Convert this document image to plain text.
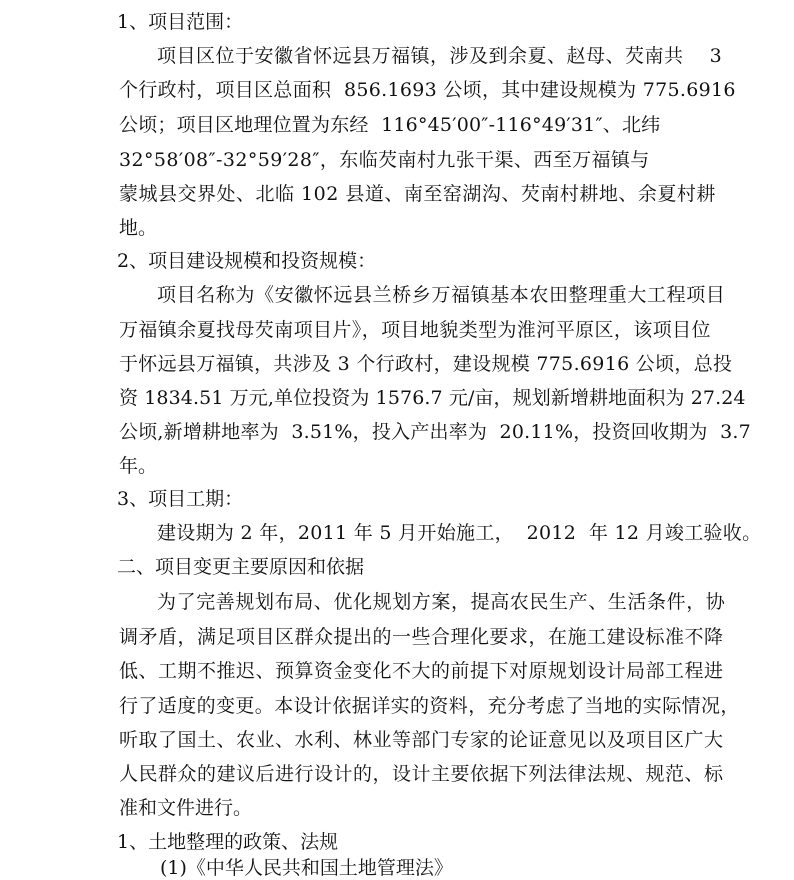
1、项目范围：
项目区位于安徽省怀远县万福镇，涉及到余夏、赵母、芡南共    3
个行政村，项目区总面积  856.1693 公顷，其中建设规模为 775.6916
公顷；项目区地理位置为东经  116°45′00″-116°49′31″、北纬
32°58′08″-32°59′28″，东临芡南村九张干渠、西至万福镇与
蒙城县交界处、北临 102 县道、南至窑湖沟、芡南村耕地、余夏村耕
地。
2、项目建设规模和投资规模：
项目名称为《安徽怀远县兰桥乡万福镇基本农田整理重大工程项目
万福镇余夏找母芡南项目片》，项目地貌类型为淮河平原区，该项目位
于怀远县万福镇，共涉及 3 个行政村，建设规模 775.6916 公顷，总投
资 1834.51 万元,单位投资为 1576.7 元/亩，规划新增耕地面积为 27.24
公顷,新增耕地率为  3.51%，投入产出率为  20.11%，投资回收期为  3.7
年。
3、项目工期：
建设期为 2 年，2011 年 5 月开始施工，  2012  年 12 月竣工验收。
二、项目变更主要原因和依据
为了完善规划布局、优化规划方案，提高农民生产、生活条件，协
调矛盾，满足项目区群众提出的一些合理化要求，在施工建设标准不降
低、工期不推迟、预算资金变化不大的前提下对原规划设计局部工程进
行了适度的变更。本设计依据详实的资料，充分考虑了当地的实际情况，
听取了国土、农业、水利、林业等部门专家的论证意见以及项目区广大
人民群众的建议后进行设计的，设计主要依据下列法律法规、规范、标
准和文件进行。
1、土地整理的政策、法规
(1)《中华人民共和国土地管理法》
